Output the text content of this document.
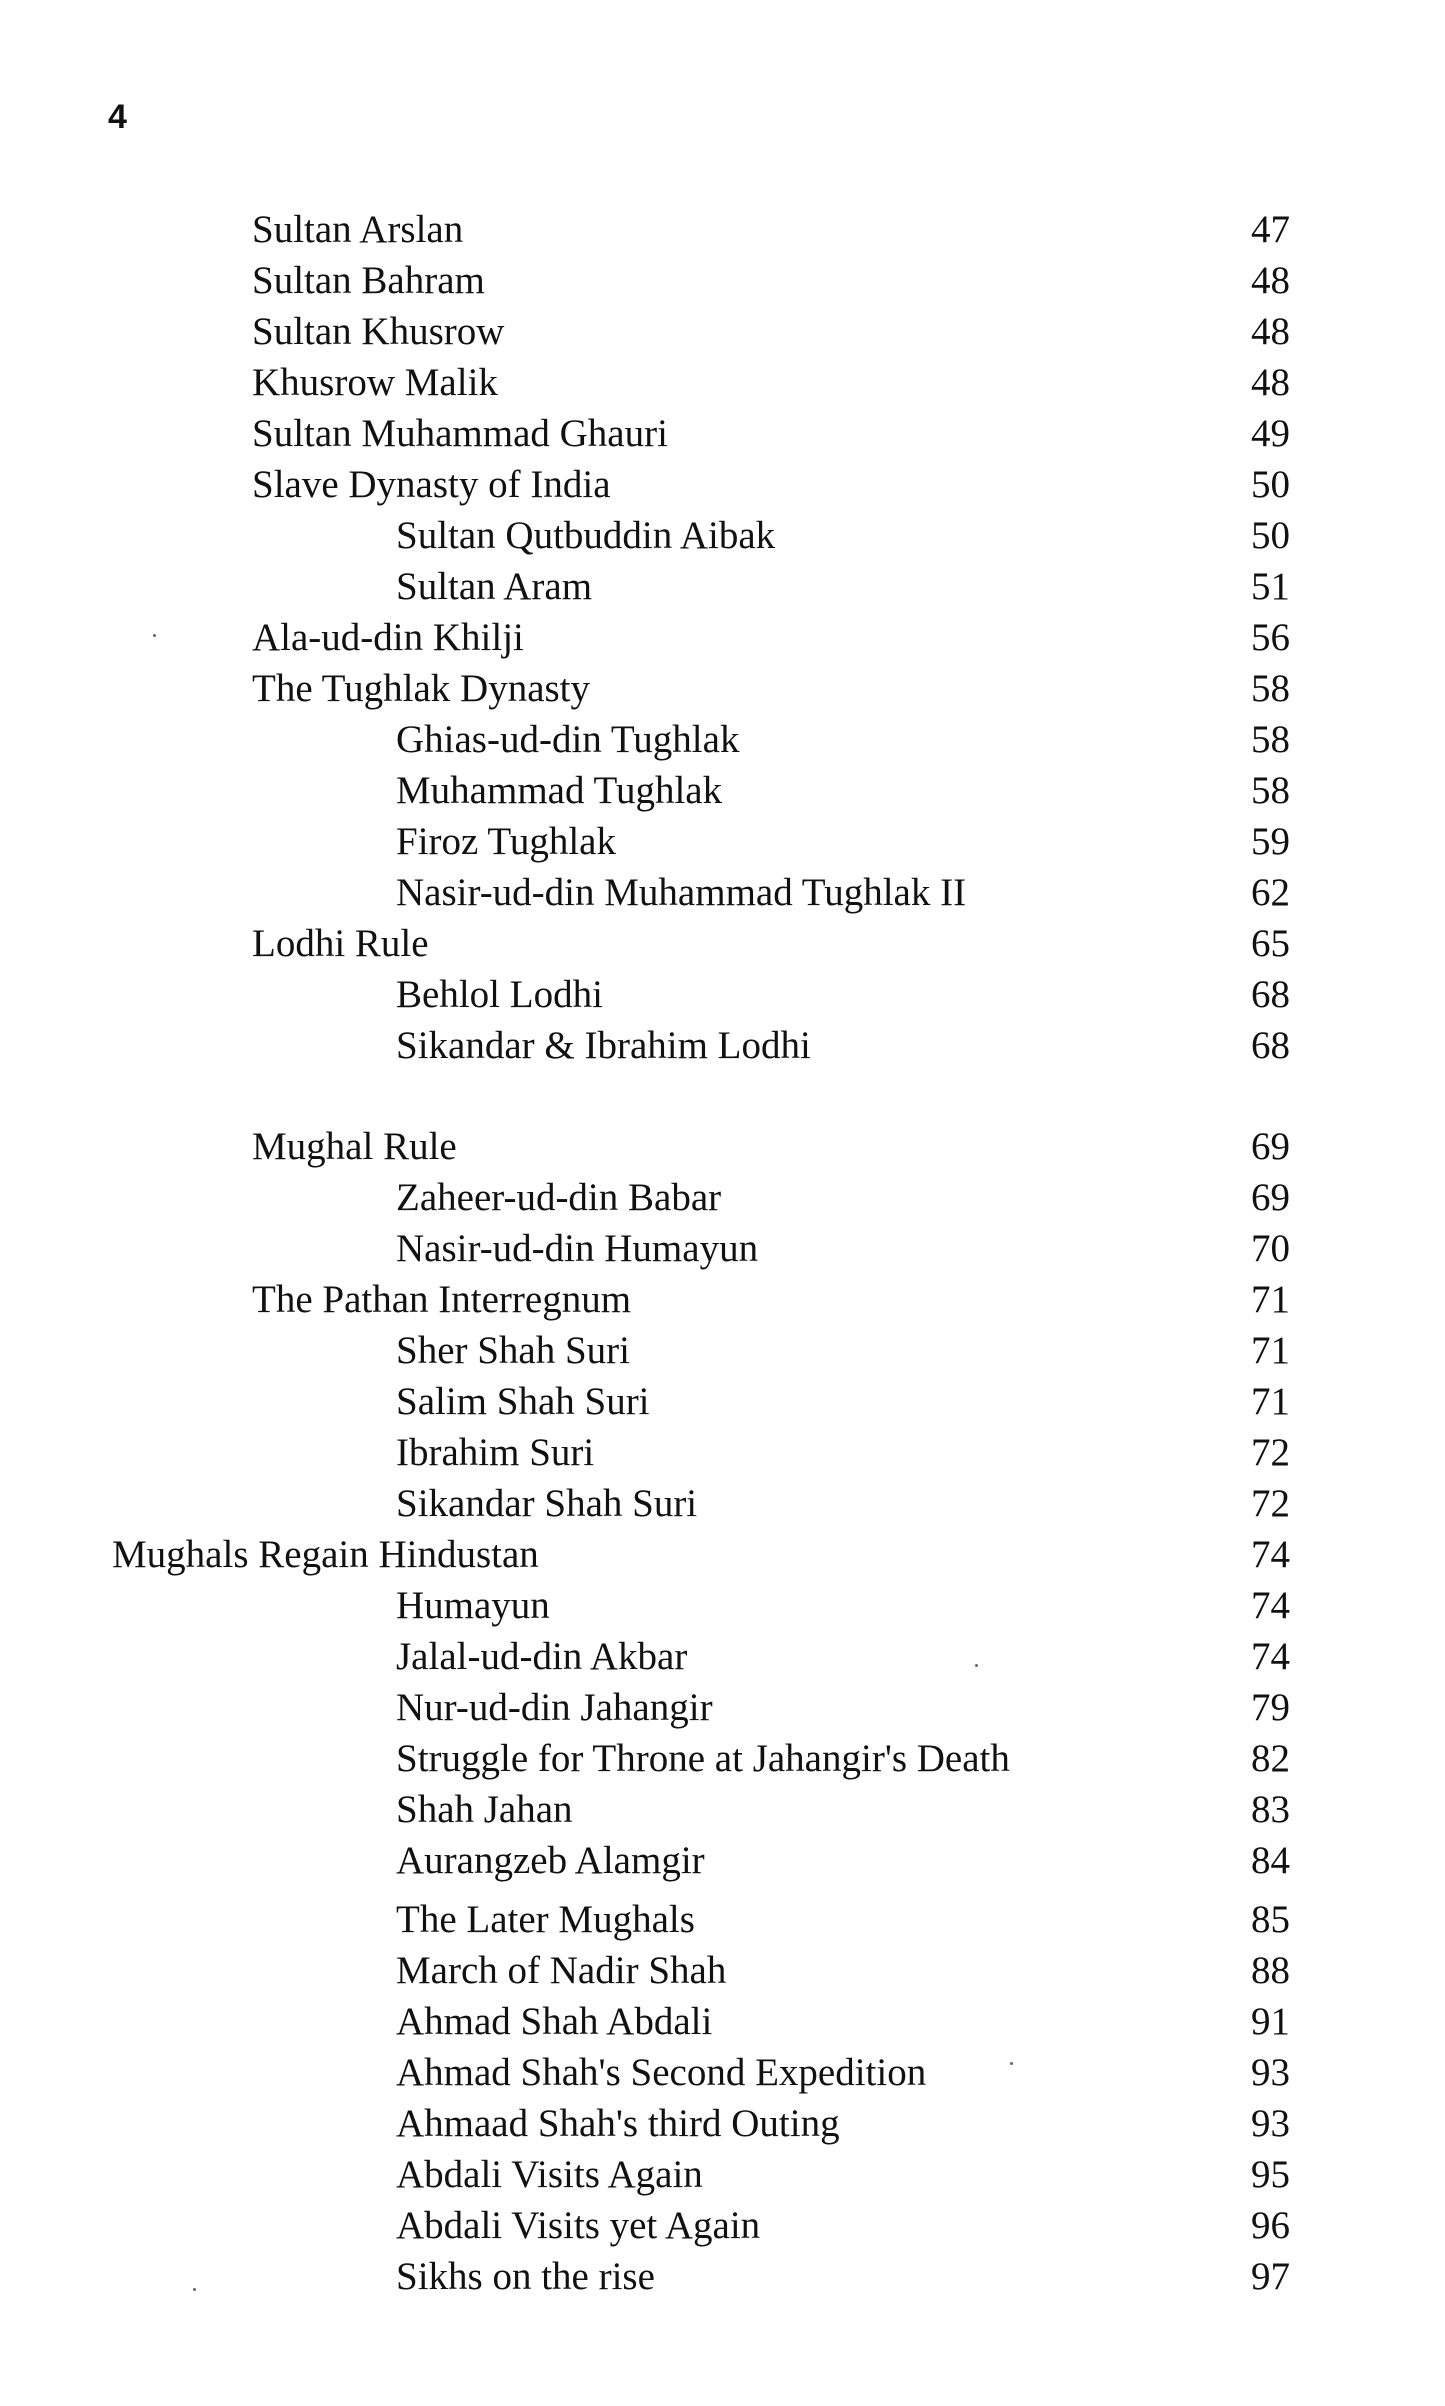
4
Sultan Arslan	47
Sultan Bahram	48
Sultan Khusrow	48
Khusrow Malik	48
Sultan Muhammad Ghauri	49
Slave Dynasty of India	50
Sultan Qutbuddin Aibak	50
Sultan Aram	51
Ala-ud-din Khilji	56
The Tughlak Dynasty	58
Ghias-ud-din Tughlak	58
Muhammad Tughlak	58
Firoz Tughlak	59
Nasir-ud-din Muhammad Tughlak II	62
Lodhi Rule	65
Behlol Lodhi	68
Sikandar & Ibrahim Lodhi	68
Mughal Rule	69
Zaheer-ud-din Babar	69
Nasir-ud-din Humayun	70
The Pathan Interregnum	71
Sher Shah Suri	71
Salim Shah Suri	71
Ibrahim Suri	72
Sikandar Shah Suri	72
Mughals Regain Hindustan	74
Humayun	74
Jalal-ud-din Akbar	74
Nur-ud-din Jahangir	79
Struggle for Throne at Jahangir's Death	82
Shah Jahan	83
Aurangzeb Alamgir	84
The Later Mughals	85
March of Nadir Shah	88
Ahmad Shah Abdali	91
Ahmad Shah's Second Expedition	93
Ahmaad Shah's third Outing	93
Abdali Visits Again	95
Abdali Visits yet Again	96
Sikhs on the rise	97
